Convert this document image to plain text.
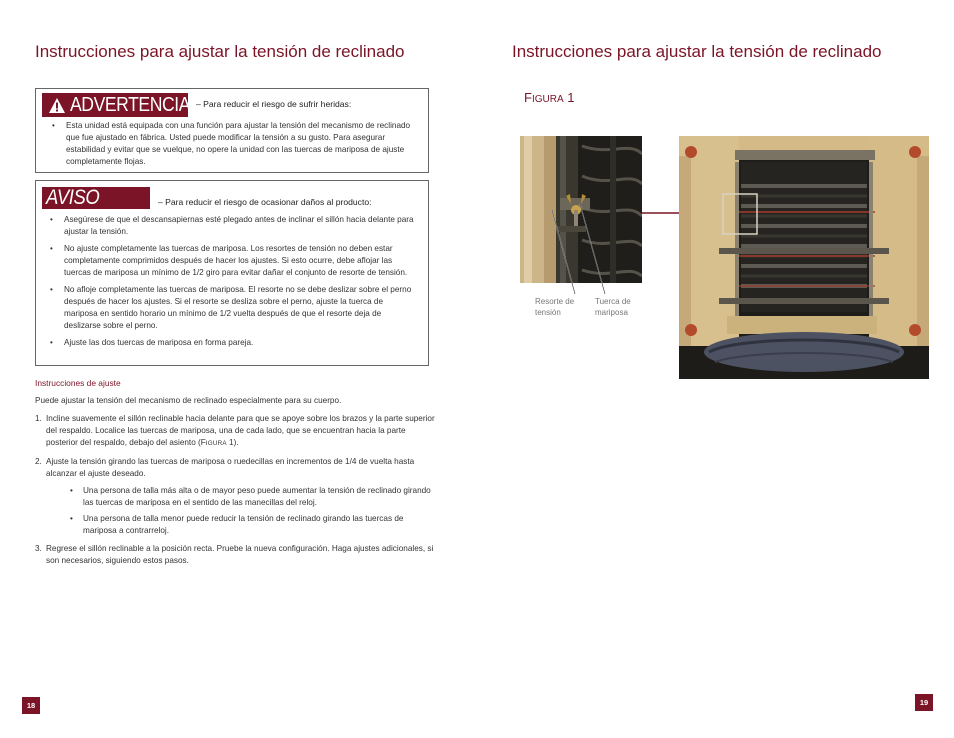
Instrucciones para ajustar la tensión de reclinado
ADVERTENCIA – Para reducir el riesgo de sufrir heridas:
• Esta unidad está equipada con una función para ajustar la tensión del mecanismo de reclinado que fue ajustado en fábrica. Usted puede modificar la tensión a su gusto. Para asegurar estabilidad y evitar que se vuelque, no opere la unidad con las tuercas de mariposa de ajuste completamente flojas.
AVISO	– Para reducir el riesgo de ocasionar daños al producto:
• Asegúrese de que el descansapiernas esté plegado antes de inclinar el sillón hacia delante para ajustar la tensión.
• No ajuste completamente las tuercas de mariposa. Los resortes de tensión no deben estar completamente comprimidos después de hacer los ajustes. Si esto ocurre, debe aflojar las tuercas de mariposa un mínimo de 1/2 giro para evitar dañar el conjunto de resorte de tensión.
• No afloje completamente las tuercas de mariposa. El resorte no se debe deslizar sobre el perno después de hacer los ajustes. Si el resorte se desliza sobre el perno, ajuste la tuerca de mariposa en sentido horario un mínimo de 1/2 vuelta después de que el resorte deja de deslizarse sobre el perno.
• Ajuste las dos tuercas de mariposa en forma pareja.
Instrucciones de ajuste
Puede ajustar la tensión del mecanismo de reclinado especialmente para su cuerpo.
1. Incline suavemente el sillón reclinable hacia delante para que se apoye sobre los brazos y la parte superior del respaldo. Localice las tuercas de mariposa, una de cada lado, que se encuentran hacia la parte posterior del respaldo, debajo del asiento (FIGURA 1).
2. Ajuste la tensión girando las tuercas de mariposa o ruedecillas en incrementos de 1/4 de vuelta hasta alcanzar el ajuste deseado.
• Una persona de talla más alta o de mayor peso puede aumentar la tensión de reclinado girando las tuercas de mariposa en el sentido de las manecillas del reloj.
• Una persona de talla menor puede reducir la tensión de reclinado girando las tuercas de mariposa a contrarreloj.
3. Regrese el sillón reclinable a la posición recta. Pruebe la nueva configuración. Haga ajustes adicionales, si son necesarios, siguiendo estos pasos.
18
Instrucciones para ajustar la tensión de reclinado
FIGURA 1
Resorte de tensión
Tuerca de mariposa
19
